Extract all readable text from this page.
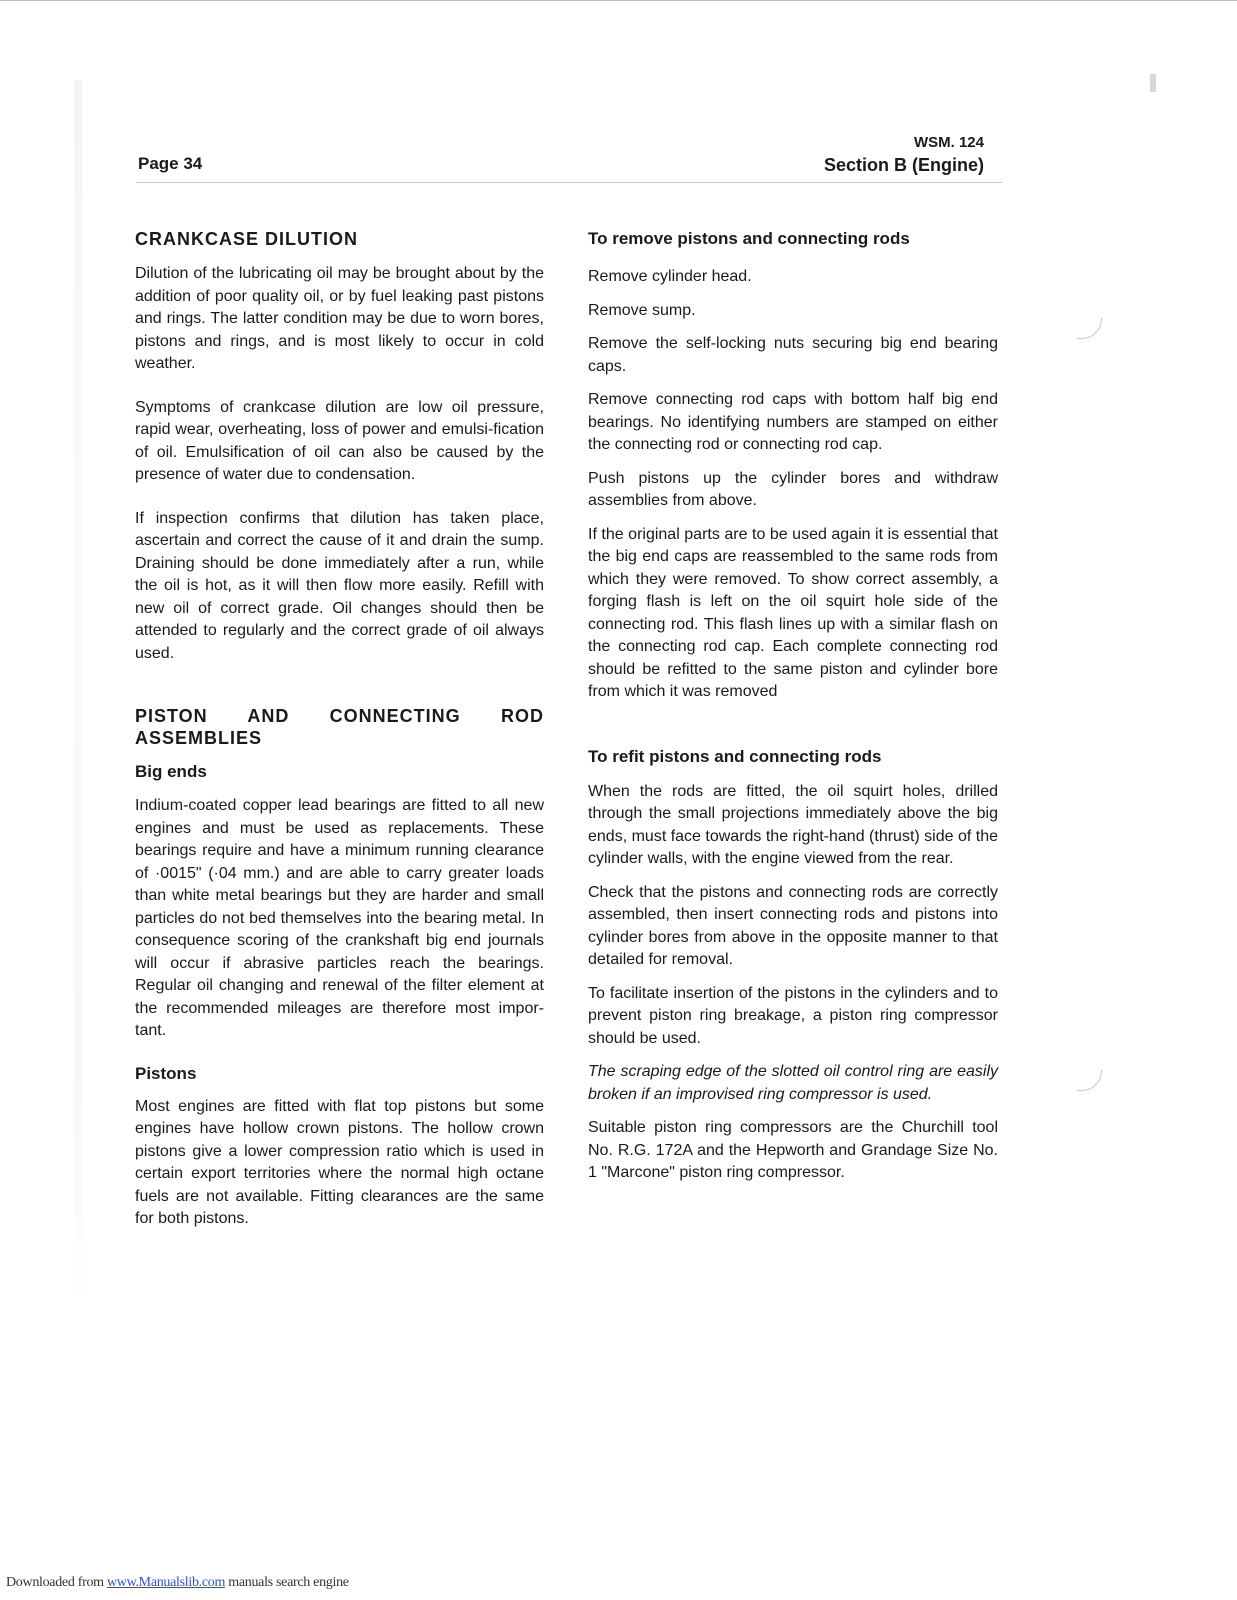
Page 34
WSM. 124
Section B (Engine)
CRANKCASE DILUTION

Dilution of the lubricating oil may be brought about by the addition of poor quality oil, or by fuel leaking past pistons and rings. The latter condition may be due to worn bores, pistons and rings, and is most likely to occur in cold weather.

Symptoms of crankcase dilution are low oil pressure, rapid wear, overheating, loss of power and emulsi-fication of oil. Emulsification of oil can also be caused by the presence of water due to condensation.

If inspection confirms that dilution has taken place, ascertain and correct the cause of it and drain the sump. Draining should be done immediately after a run, while the oil is hot, as it will then flow more easily. Refill with new oil of correct grade. Oil changes should then be attended to regularly and the correct grade of oil always used.

PISTON AND CONNECTING ROD ASSEMBLIES
Big ends

Indium-coated copper lead bearings are fitted to all new engines and must be used as replacements. These bearings require and have a minimum running clearance of ·0015" (·04 mm.) and are able to carry greater loads than white metal bearings but they are harder and small particles do not bed themselves into the bearing metal. In consequence scoring of the crankshaft big end journals will occur if abrasive particles reach the bearings. Regular oil changing and renewal of the filter element at the recommended mileages are therefore most impor-tant.

Pistons

Most engines are fitted with flat top pistons but some engines have hollow crown pistons. The hollow crown pistons give a lower compression ratio which is used in certain export territories where the normal high octane fuels are not available. Fitting clearances are the same for both pistons.

To remove pistons and connecting rods

Remove cylinder head.

Remove sump.

Remove the self-locking nuts securing big end bearing caps.

Remove connecting rod caps with bottom half big end bearings. No identifying numbers are stamped on either the connecting rod or connecting rod cap.

Push pistons up the cylinder bores and withdraw assemblies from above.

If the original parts are to be used again it is essential that the big end caps are reassembled to the same rods from which they were removed. To show correct assembly, a forging flash is left on the oil squirt hole side of the connecting rod. This flash lines up with a similar flash on the connecting rod cap. Each complete connecting rod should be refitted to the same piston and cylinder bore from which it was removed

To refit pistons and connecting rods

When the rods are fitted, the oil squirt holes, drilled through the small projections immediately above the big ends, must face towards the right-hand (thrust) side of the cylinder walls, with the engine viewed from the rear.

Check that the pistons and connecting rods are correctly assembled, then insert connecting rods and pistons into cylinder bores from above in the opposite manner to that detailed for removal.

To facilitate insertion of the pistons in the cylinders and to prevent piston ring breakage, a piston ring compressor should be used.

The scraping edge of the slotted oil control ring are easily broken if an improvised ring compressor is used.

Suitable piston ring compressors are the Churchill tool No. R.G. 172A and the Hepworth and Grandage Size No. 1 "Marcone" piston ring compressor.

Downloaded from www.Manualslib.com manuals search engine
